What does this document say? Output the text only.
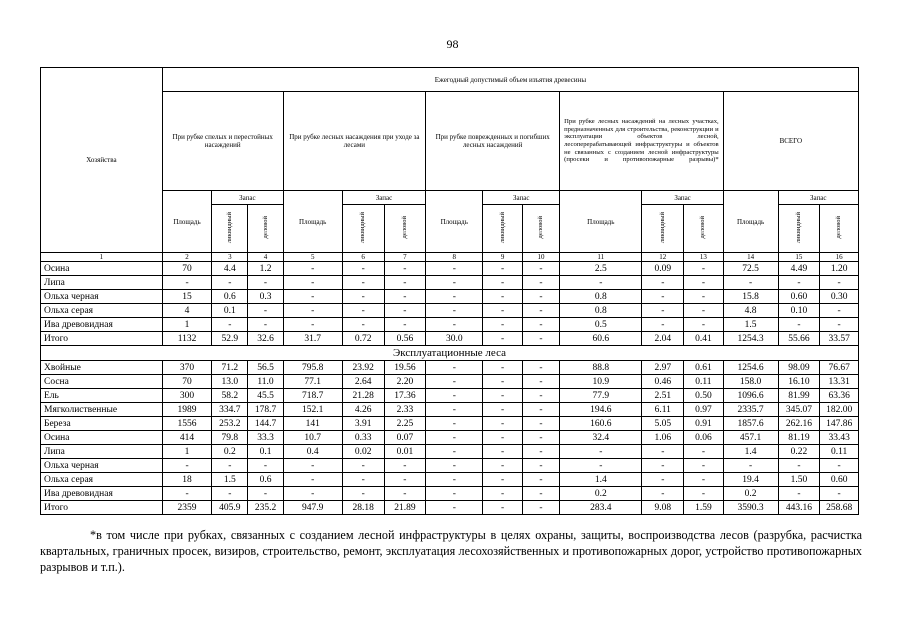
98
Хозяйства	Ежегодный допустимый объем изъятия древесины														
	При рубке спелых и перестойных насаждений			При рубке лесных насаждения при уходе за лесами			При рубке поврежденных и погибших лесных насаждений			При рубке лесных насаждений на лесных участках, предназначенных для строительства, реконструкции и эксплуатации объектов лесной, лесоперерабатывающей инфраструктуры и объектов не связанных с созданием лесной инфраструктуры (просеки и противопожарные разрывы)*			ВСЕГО		
	Площадь	Запас		Площадь	Запас		Площадь	Запас		Площадь	Запас		Площадь	Запас	
		ликвидный	деловой		ликвидный	деловой		ликвидный	деловой		ликвидный	деловой		ликвидный	деловой
1	2	3	4	5	6	7	8	9	10	11	12	13	14	15	16
Осина	70	4.4	1.2	-	-	-	-	-	-	2.5	0.09	-	72.5	4.49	1.20
Липа	-	-	-	-	-	-	-	-	-	-	-	-	-	-	-
Ольха черная	15	0.6	0.3	-	-	-	-	-	-	0.8	-	-	15.8	0.60	0.30
Ольха серая	4	0.1	-	-	-	-	-	-	-	0.8	-	-	4.8	0.10	-
Ива древовидная	1	-	-	-	-	-	-	-	-	0.5	-	-	1.5	-	-
Итого	1132	52.9	32.6	31.7	0.72	0.56	30.0	-	-	60.6	2.04	0.41	1254.3	55.66	33.57
Эксплуатационные леса															
Хвойные	370	71.2	56.5	795.8	23.92	19.56	-	-	-	88.8	2.97	0.61	1254.6	98.09	76.67
Сосна	70	13.0	11.0	77.1	2.64	2.20	-	-	-	10.9	0.46	0.11	158.0	16.10	13.31
Ель	300	58.2	45.5	718.7	21.28	17.36	-	-	-	77.9	2.51	0.50	1096.6	81.99	63.36
Мягколиственные	1989	334.7	178.7	152.1	4.26	2.33	-	-	-	194.6	6.11	0.97	2335.7	345.07	182.00
Береза	1556	253.2	144.7	141	3.91	2.25	-	-	-	160.6	5.05	0.91	1857.6	262.16	147.86
Осина	414	79.8	33.3	10.7	0.33	0.07	-	-	-	32.4	1.06	0.06	457.1	81.19	33.43
Липа	1	0.2	0.1	0.4	0.02	0.01	-	-	-	-	-	-	1.4	0.22	0.11
Ольха черная	-	-	-	-	-	-	-	-	-	-	-	-	-	-	-
Ольха серая	18	1.5	0.6	-	-	-	-	-	-	1.4	-	-	19.4	1.50	0.60
Ива древовидная	-	-	-	-	-	-	-	-	-	0.2	-	-	0.2	-	-
Итого	2359	405.9	235.2	947.9	28.18	21.89	-	-	-	283.4	9.08	1.59	3590.3	443.16	258.68
*в том числе при рубках, связанных с созданием лесной инфраструктуры в целях охраны, защиты, воспроизводства лесов (разрубка, расчистка квартальных, граничных просек, визиров, строительство, ремонт, эксплуатация лесохозяйственных и противопожарных дорог, устройство противопожарных разрывов и т.п.).
